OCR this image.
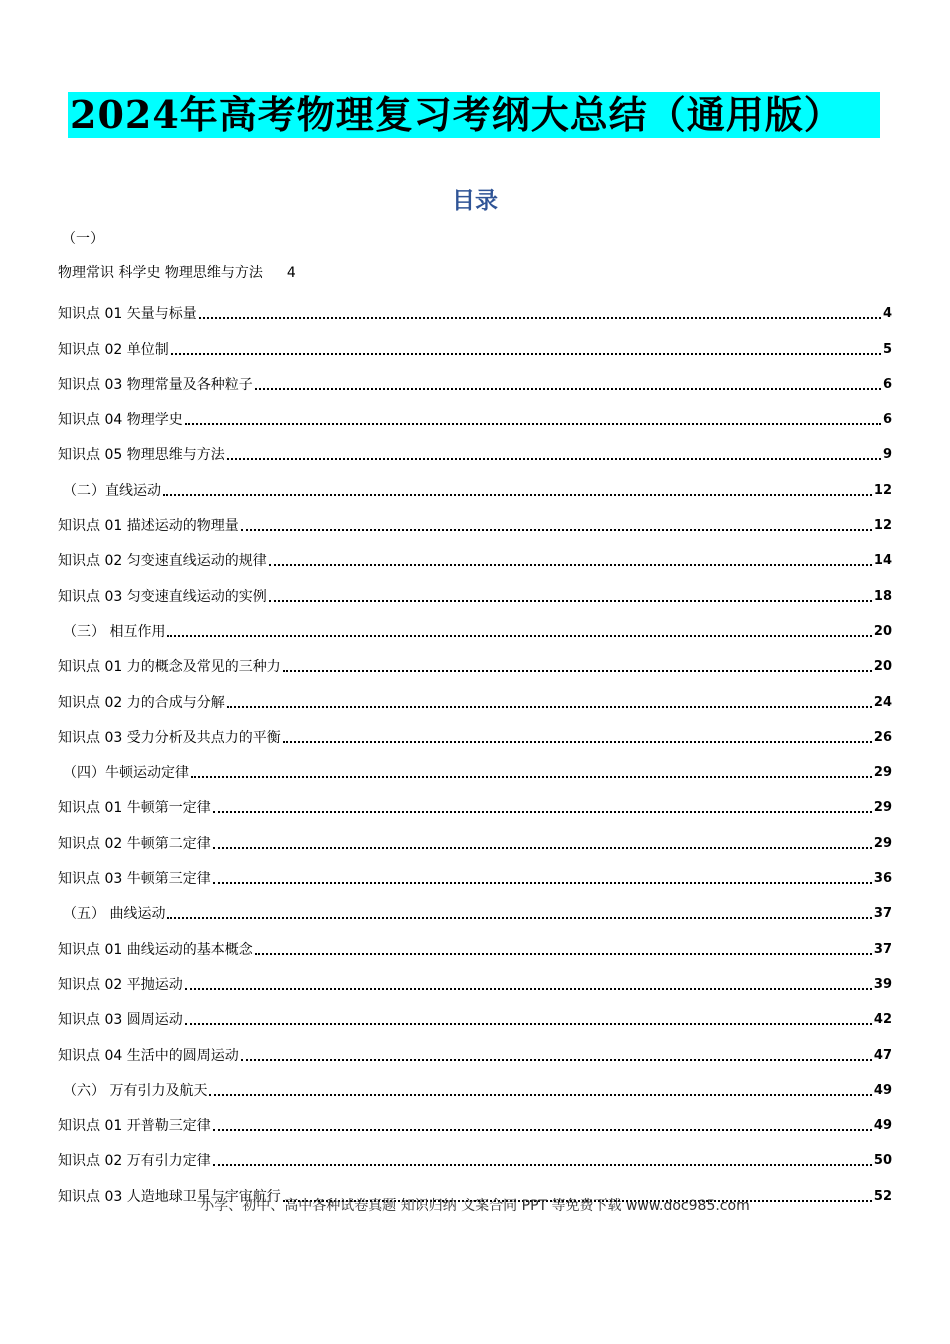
2024年高考物理复习考纲大总结（通用版）
目录
（一）
物理常识 科学史 物理思维与方法 4
知识点 01 矢量与标量	4
知识点 02 单位制	5
知识点 03 物理常量及各种粒子	6
知识点 04 物理学史	6
知识点 05 物理思维与方法	9
（二）直线运动	12
知识点 01 描述运动的物理量	12
知识点 02 匀变速直线运动的规律	14
知识点 03 匀变速直线运动的实例	18
（三） 相互作用	20
知识点 01 力的概念及常见的三种力	20
知识点 02 力的合成与分解	24
知识点 03 受力分析及共点力的平衡	26
（四）牛顿运动定律	29
知识点 01 牛顿第一定律	29
知识点 02 牛顿第二定律	29
知识点 03 牛顿第三定律	36
（五） 曲线运动	37
知识点 01 曲线运动的基本概念	37
知识点 02 平抛运动	39
知识点 03 圆周运动	42
知识点 04 生活中的圆周运动	47
（六） 万有引力及航天	49
知识点 01 开普勒三定律	49
知识点 02 万有引力定律	50
知识点 03 人造地球卫星与宇宙航行	52
小学、初中、高中各种试卷真题 知识归纳 文案合同 PPT 等免费下载 www.doc985.com
